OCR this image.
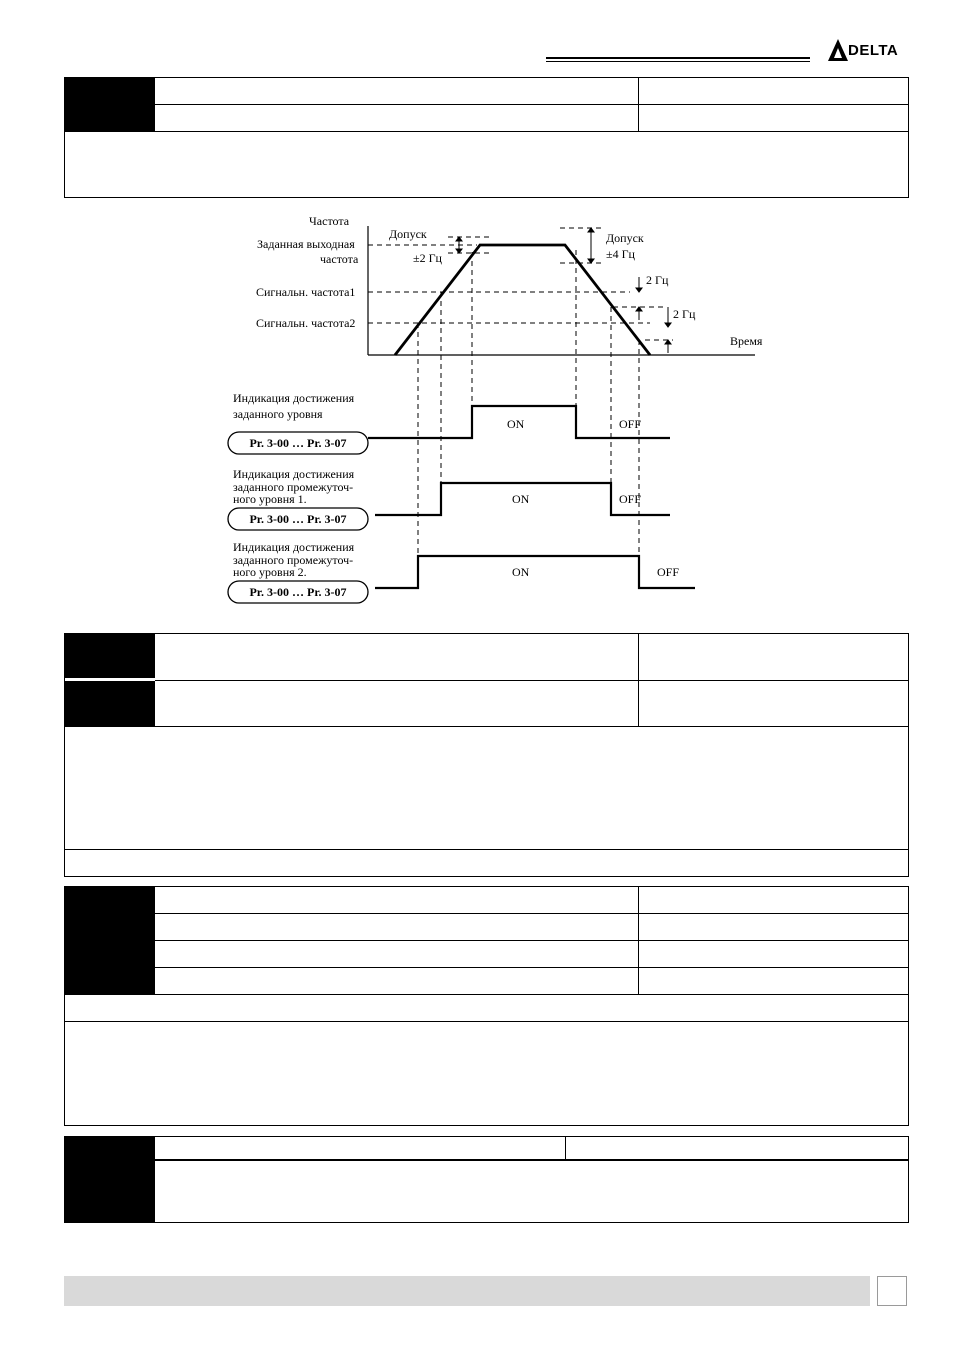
DELTA
Частота
Время
Заданная выходная
частота
Сигнальн. частота1
Сигнальн. частота2
Допуск
±2 Гц
Допуск
±4 Гц
2 Гц
2 Гц
Индикация достижения
заданного уровня
Pr. 3-00 … Pr. 3-07
ON	OFF
Индикация достижения
заданного промежуточ-
ного уровня 1.
Pr. 3-00 … Pr. 3-07
ON	OFF
Индикация достижения
заданного промежуточ-
ного уровня 2.
Pr. 3-00 … Pr. 3-07
ON	OFF
